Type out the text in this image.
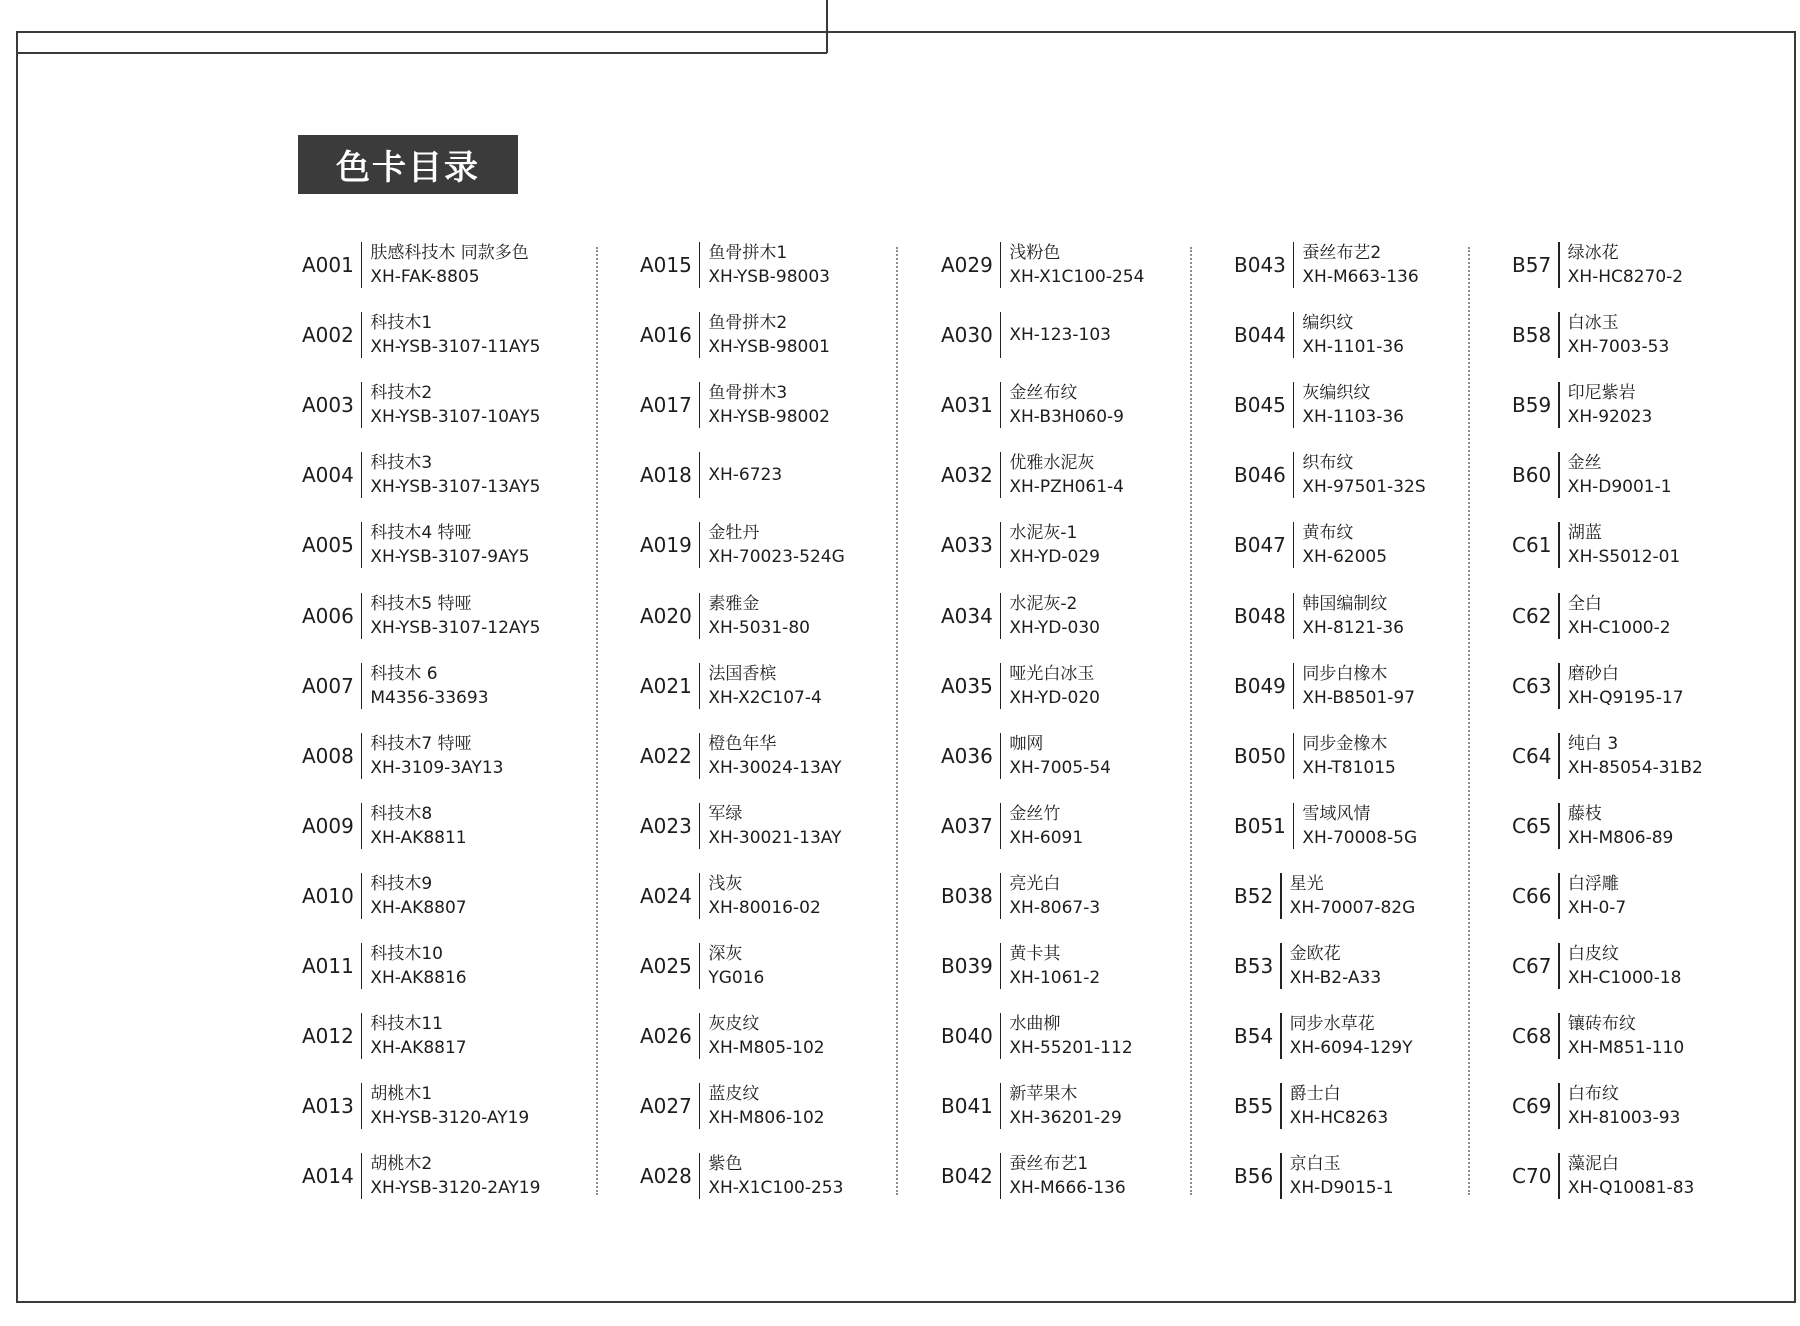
色卡目录
A001 肤感科技木 同款多色
XH-FAK-8805
A002 科技木1
XH-YSB-3107-11AY5
A003 科技木2
XH-YSB-3107-10AY5
A004 科技木3
XH-YSB-3107-13AY5
A005 科技木4 特哑
XH-YSB-3107-9AY5
A006 科技木5 特哑
XH-YSB-3107-12AY5
A007 科技木 6
M4356-33693
A008 科技木7 特哑
XH-3109-3AY13
A009 科技木8
XH-AK8811
A010 科技木9
XH-AK8807
A011 科技木10
XH-AK8816
A012 科技木11
XH-AK8817
A013 胡桃木1
XH-YSB-3120-AY19
A014 胡桃木2
XH-YSB-3120-2AY19
A015 鱼骨拼木1
XH-YSB-98003
A016 鱼骨拼木2
XH-YSB-98001
A017 鱼骨拼木3
XH-YSB-98002
A018 XH-6723
A019 金牡丹
XH-70023-524G
A020 素雅金
XH-5031-80
A021 法国香槟
XH-X2C107-4
A022 橙色年华
XH-30024-13AY
A023 军绿
XH-30021-13AY
A024 浅灰
XH-80016-02
A025 深灰
YG016
A026 灰皮纹
XH-M805-102
A027 蓝皮纹
XH-M806-102
A028 紫色
XH-X1C100-253
A029 浅粉色
XH-X1C100-254
A030 XH-123-103
A031 金丝布纹
XH-B3H060-9
A032 优雅水泥灰
XH-PZH061-4
A033 水泥灰-1
XH-YD-029
A034 水泥灰-2
XH-YD-030
A035 哑光白冰玉
XH-YD-020
A036 咖网
XH-7005-54
A037 金丝竹
XH-6091
B038 亮光白
XH-8067-3
B039 黄卡其
XH-1061-2
B040 水曲柳
XH-55201-112
B041 新苹果木
XH-36201-29
B042 蚕丝布艺1
XH-M666-136
B043 蚕丝布艺2
XH-M663-136
B044 编织纹
XH-1101-36
B045 灰编织纹
XH-1103-36
B046 织布纹
XH-97501-32S
B047 黄布纹
XH-62005
B048 韩国编制纹
XH-8121-36
B049 同步白橡木
XH-B8501-97
B050 同步金橡木
XH-T81015
B051 雪域风情
XH-70008-5G
B52 星光
XH-70007-82G
B53 金欧花
XH-B2-A33
B54 同步水草花
XH-6094-129Y
B55 爵士白
XH-HC8263
B56 京白玉
XH-D9015-1
B57 绿冰花
XH-HC8270-2
B58 白冰玉
XH-7003-53
B59 印尼紫岩
XH-92023
B60 金丝
XH-D9001-1
C61 湖蓝
XH-S5012-01
C62 全白
XH-C1000-2
C63 磨砂白
XH-Q9195-17
C64 纯白 3
XH-85054-31B2
C65 藤枝
XH-M806-89
C66 白浮雕
XH-0-7
C67 白皮纹
XH-C1000-18
C68 镶砖布纹
XH-M851-110
C69 白布纹
XH-81003-93
C70 藻泥白
XH-Q10081-83
